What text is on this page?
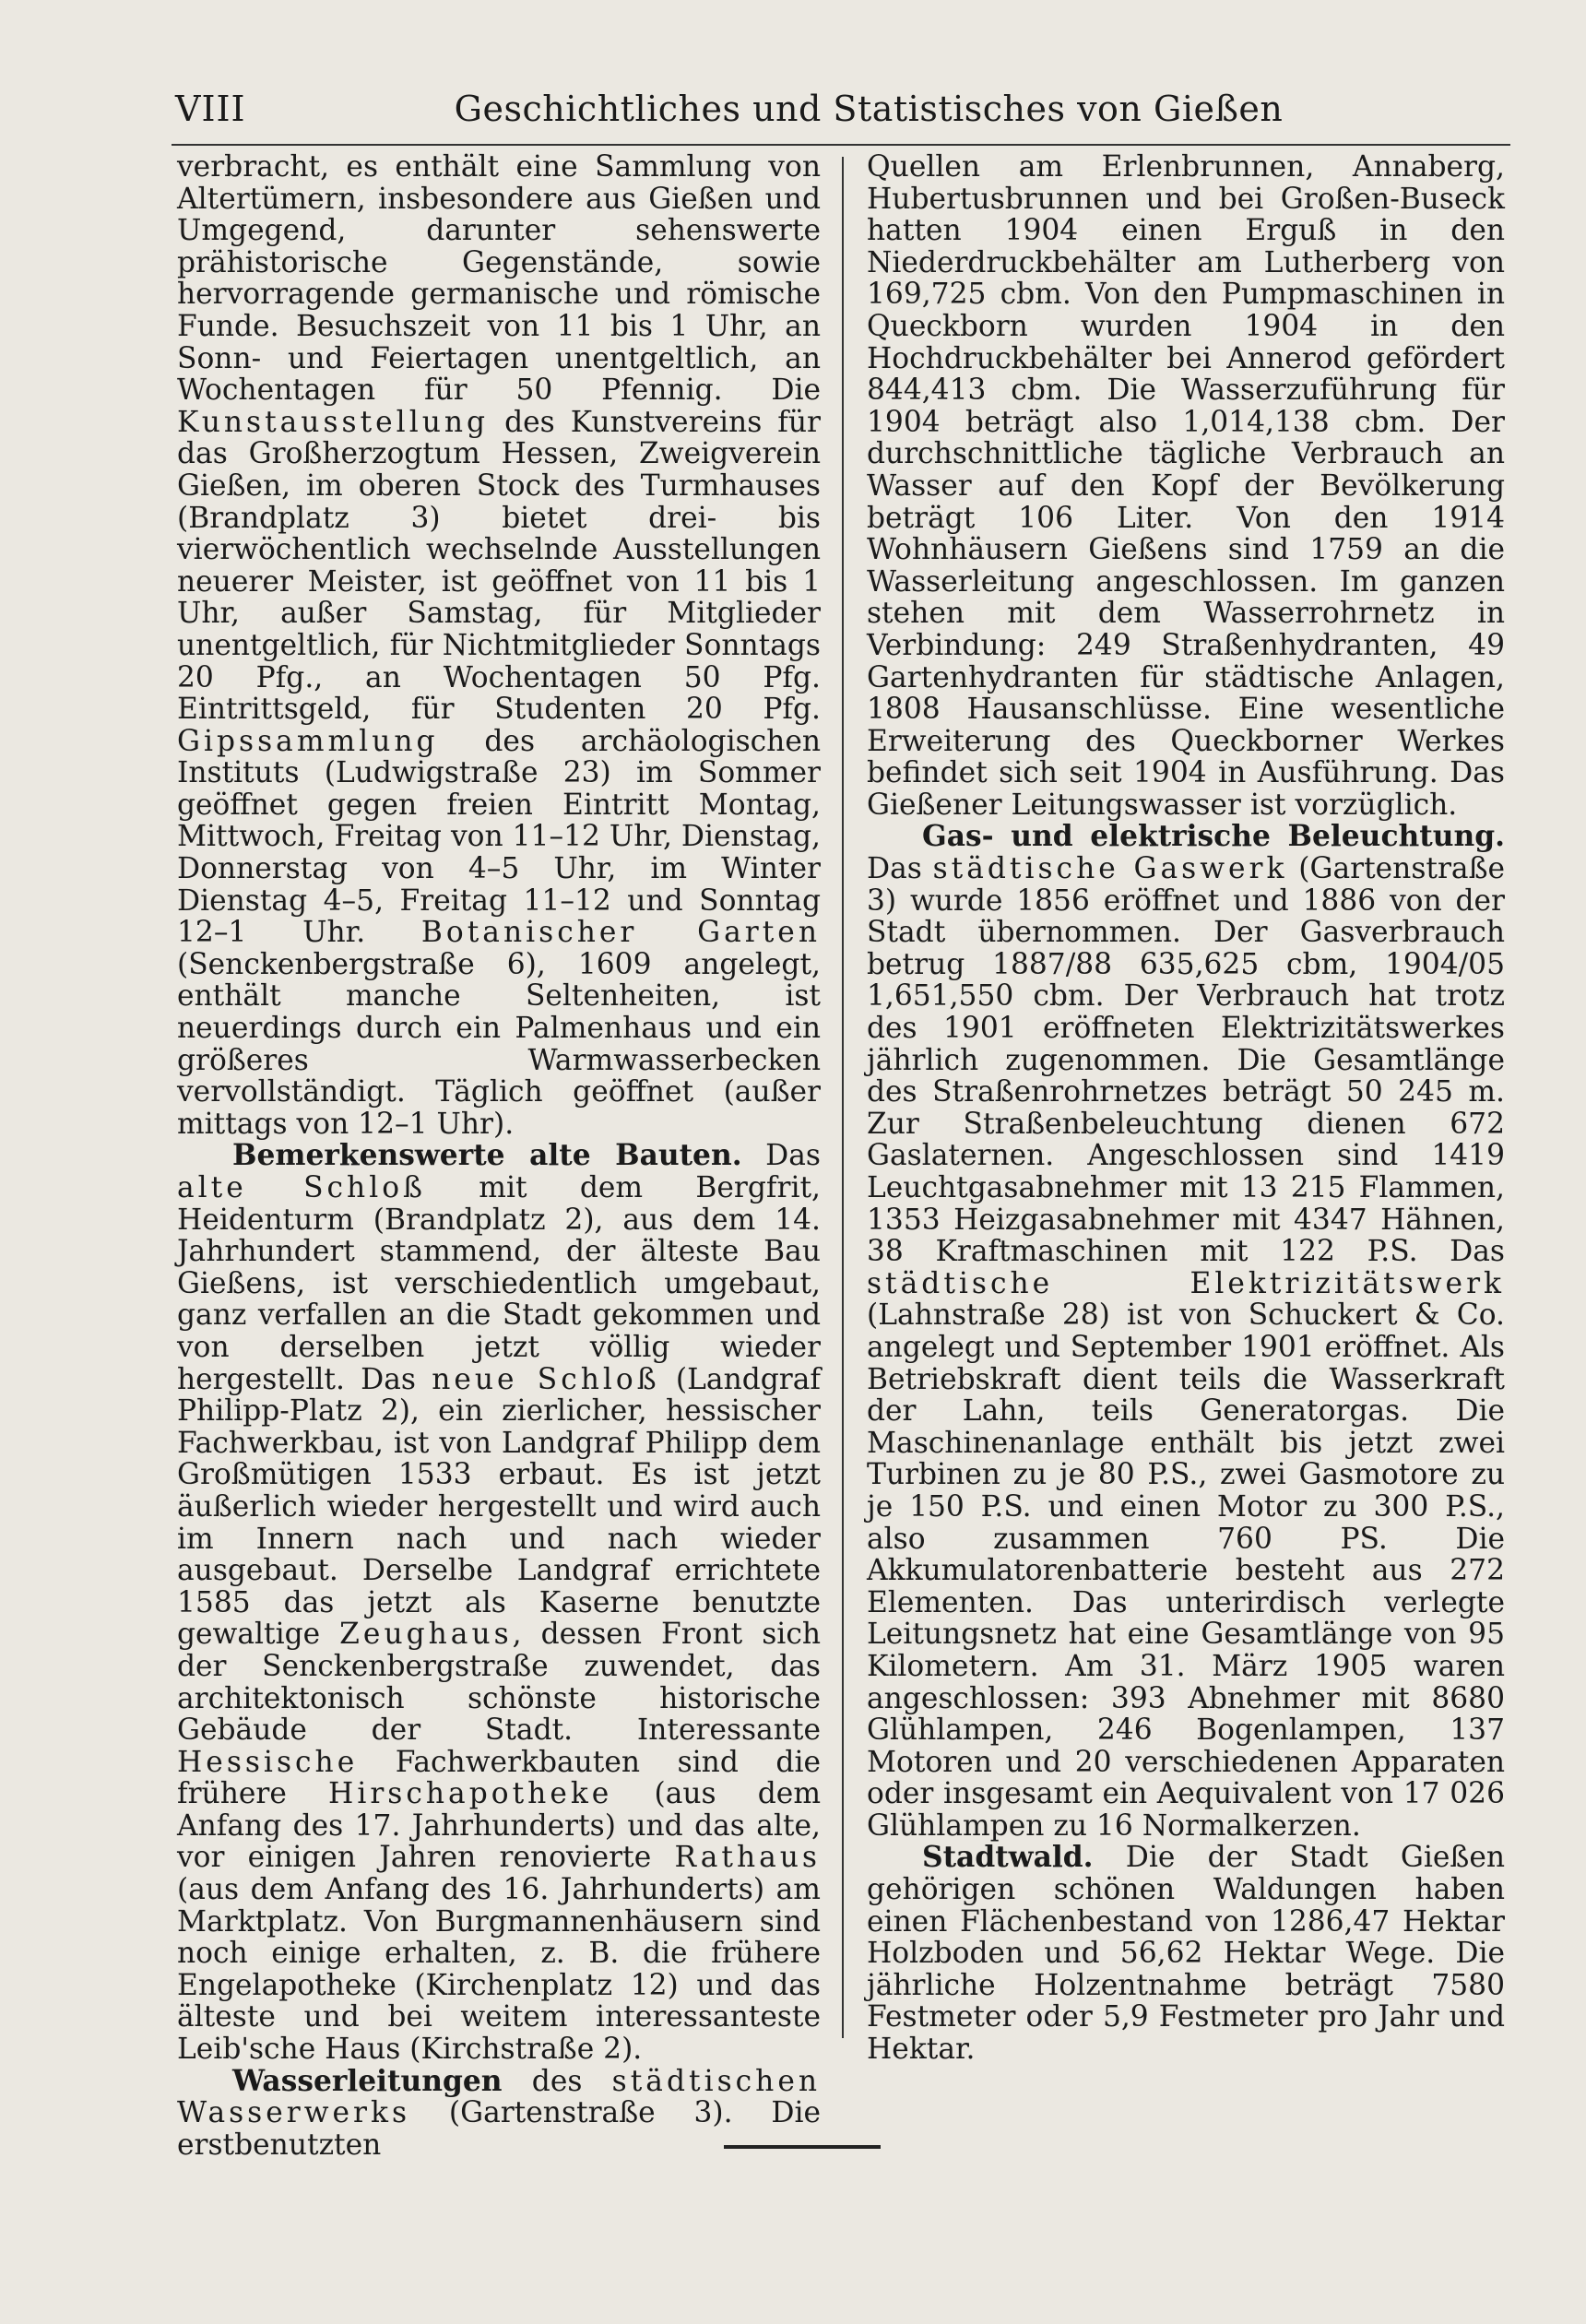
VIII	Geschichtliches und Statistisches von Gießen

verbracht, es enthält eine Sammlung von Altertümern, insbesondere aus Gießen und Umgegend, darunter sehenswerte prähistorische Gegenstände, sowie hervorragende germanische und römische Funde. Besuchszeit von 11 bis 1 Uhr, an Sonn- und Feiertagen unentgeltlich, an Wochentagen für 50 Pfennig. Die Kunstausstellung des Kunstvereins für das Großherzogtum Hessen, Zweigverein Gießen, im oberen Stock des Turmhauses (Brandplatz 3) bietet drei- bis vierwöchentlich wechselnde Ausstellungen neuerer Meister, ist geöffnet von 11 bis 1 Uhr, außer Samstag, für Mitglieder unentgeltlich, für Nichtmitglieder Sonntags 20 Pfg., an Wochentagen 50 Pfg. Eintrittsgeld, für Studenten 20 Pfg. Gipssammlung des archäologischen Instituts (Ludwigstraße 23) im Sommer geöffnet gegen freien Eintritt Montag, Mittwoch, Freitag von 11–12 Uhr, Dienstag, Donnerstag von 4–5 Uhr, im Winter Dienstag 4–5, Freitag 11–12 und Sonntag 12–1 Uhr. Botanischer Garten (Senckenbergstraße 6), 1609 angelegt, enthält manche Seltenheiten, ist neuerdings durch ein Palmenhaus und ein größeres Warmwasserbecken vervollständigt. Täglich geöffnet (außer mittags von 12–1 Uhr).

Bemerkenswerte alte Bauten. Das alte Schloß mit dem Bergfrit, Heidenturm (Brandplatz 2), aus dem 14. Jahrhundert stammend, der älteste Bau Gießens, ist verschiedentlich umgebaut, ganz verfallen an die Stadt gekommen und von derselben jetzt völlig wieder hergestellt. Das neue Schloß (Landgraf Philipp-Platz 2), ein zierlicher, hessischer Fachwerkbau, ist von Landgraf Philipp dem Großmütigen 1533 erbaut. Es ist jetzt äußerlich wieder hergestellt und wird auch im Innern nach und nach wieder ausgebaut. Derselbe Landgraf errichtete 1585 das jetzt als Kaserne benutzte gewaltige Zeughaus, dessen Front sich der Senckenbergstraße zuwendet, das architektonisch schönste historische Gebäude der Stadt. Interessante Hessische Fachwerkbauten sind die frühere Hirschapotheke (aus dem Anfang des 17. Jahrhunderts) und das alte, vor einigen Jahren renovierte Rathaus (aus dem Anfang des 16. Jahrhunderts) am Marktplatz. Von Burgmannenhäusern sind noch einige erhalten, z. B. die frühere Engelapotheke (Kirchenplatz 12) und das älteste und bei weitem interessanteste Leib'sche Haus (Kirchstraße 2).

Wasserleitungen des städtischen Wasserwerks (Gartenstraße 3). Die erstbenutzten

Quellen am Erlenbrunnen, Annaberg, Hubertusbrunnen und bei Großen-Buseck hatten 1904 einen Erguß in den Niederdruckbehälter am Lutherberg von 169,725 cbm. Von den Pumpmaschinen in Queckborn wurden 1904 in den Hochdruckbehälter bei Annerod gefördert 844,413 cbm. Die Wasserzuführung für 1904 beträgt also 1,014,138 cbm. Der durchschnittliche tägliche Verbrauch an Wasser auf den Kopf der Bevölkerung beträgt 106 Liter. Von den 1914 Wohnhäusern Gießens sind 1759 an die Wasserleitung angeschlossen. Im ganzen stehen mit dem Wasserrohrnetz in Verbindung: 249 Straßenhydranten, 49 Gartenhydranten für städtische Anlagen, 1808 Hausanschlüsse. Eine wesentliche Erweiterung des Queckborner Werkes befindet sich seit 1904 in Ausführung. Das Gießener Leitungswasser ist vorzüglich.

Gas- und elektrische Beleuchtung. Das städtische Gaswerk (Gartenstraße 3) wurde 1856 eröffnet und 1886 von der Stadt übernommen. Der Gasverbrauch betrug 1887/88 635,625 cbm, 1904/05 1,651,550 cbm. Der Verbrauch hat trotz des 1901 eröffneten Elektrizitätswerkes jährlich zugenommen. Die Gesamtlänge des Straßenrohrnetzes beträgt 50 245 m. Zur Straßenbeleuchtung dienen 672 Gaslaternen. Angeschlossen sind 1419 Leuchtgasabnehmer mit 13 215 Flammen, 1353 Heizgasabnehmer mit 4347 Hähnen, 38 Kraftmaschinen mit 122 P.S. Das städtische Elektrizitätswerk (Lahnstraße 28) ist von Schuckert & Co. angelegt und September 1901 eröffnet. Als Betriebskraft dient teils die Wasserkraft der Lahn, teils Generatorgas. Die Maschinenanlage enthält bis jetzt zwei Turbinen zu je 80 P.S., zwei Gasmotore zu je 150 P.S. und einen Motor zu 300 P.S., also zusammen 760 PS. Die Akkumulatorenbatterie besteht aus 272 Elementen. Das unterirdisch verlegte Leitungsnetz hat eine Gesamtlänge von 95 Kilometern. Am 31. März 1905 waren angeschlossen: 393 Abnehmer mit 8680 Glühlampen, 246 Bogenlampen, 137 Motoren und 20 verschiedenen Apparaten oder insgesamt ein Aequivalent von 17 026 Glühlampen zu 16 Normalkerzen.

Stadtwald. Die der Stadt Gießen gehörigen schönen Waldungen haben einen Flächenbestand von 1286,47 Hektar Holzboden und 56,62 Hektar Wege. Die jährliche Holzentnahme beträgt 7580 Festmeter oder 5,9 Festmeter pro Jahr und Hektar.
